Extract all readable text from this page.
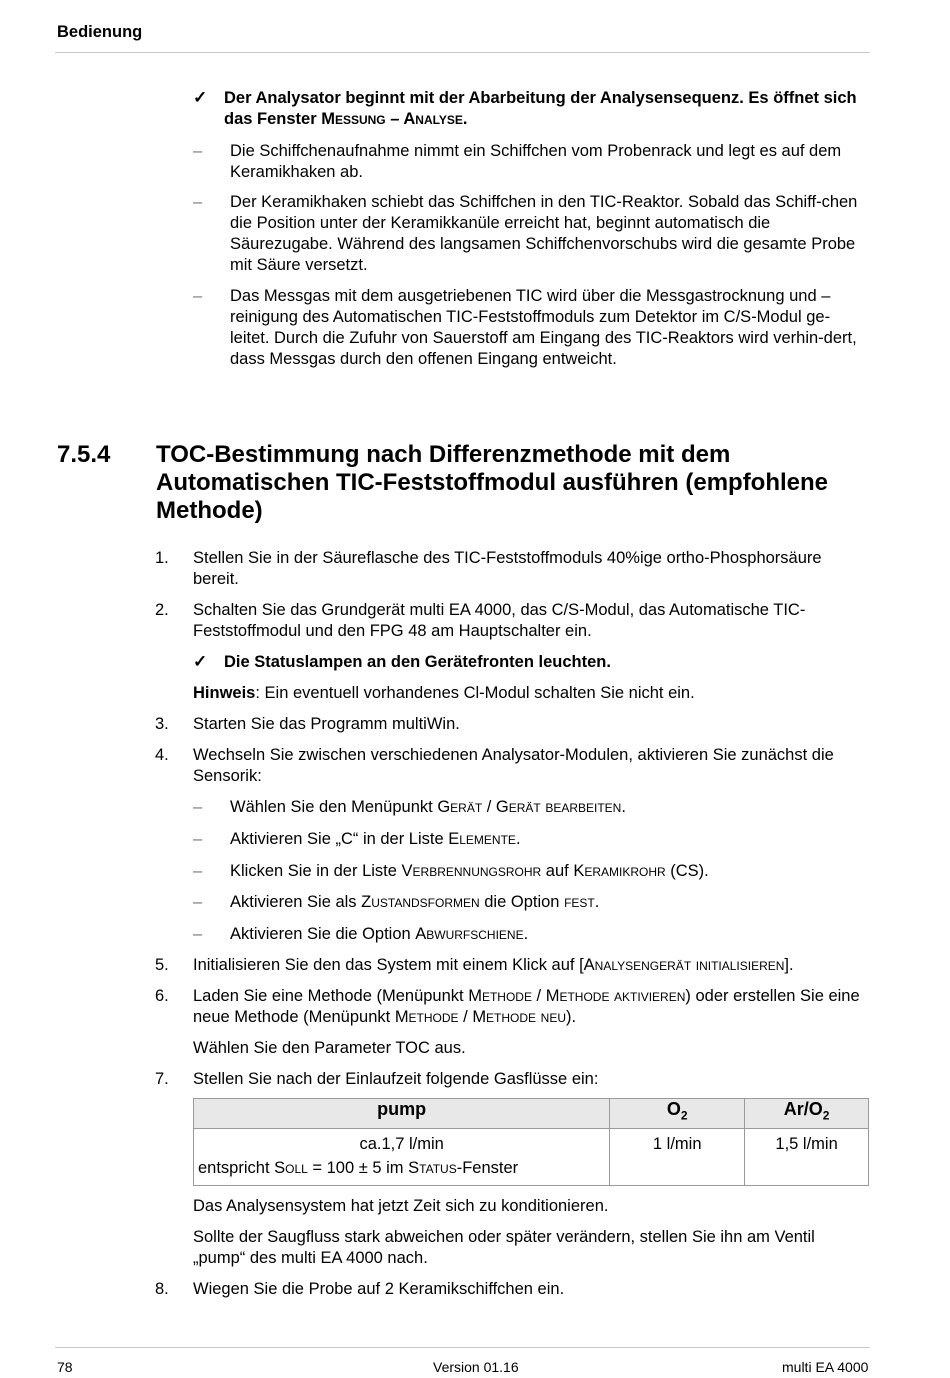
Bedienung
✓ Der Analysator beginnt mit der Abarbeitung der Analysensequenz. Es öffnet sich das Fenster Messung – Analyse.
– Die Schiffchenaufnahme nimmt ein Schiffchen vom Probenrack und legt es auf dem Keramikhaken ab.
– Der Keramikhaken schiebt das Schiffchen in den TIC-Reaktor. Sobald das Schiff-chen die Position unter der Keramikkanüle erreicht hat, beginnt automatisch die Säurezugabe. Während des langsamen Schiffchenvorschubs wird die gesamte Probe mit Säure versetzt.
– Das Messgas mit dem ausgetriebenen TIC wird über die Messgastrocknung und –reinigung des Automatischen TIC-Feststoffmoduls zum Detektor im C/S-Modul ge-leitet. Durch die Zufuhr von Sauerstoff am Eingang des TIC-Reaktors wird verhin-dert, dass Messgas durch den offenen Eingang entweicht.
7.5.4 TOC-Bestimmung nach Differenzmethode mit dem Automatischen TIC-Feststoffmodul ausführen (empfohlene Methode)
1. Stellen Sie in der Säureflasche des TIC-Feststoffmoduls 40%ige ortho-Phosphorsäure bereit.
2. Schalten Sie das Grundgerät multi EA 4000, das C/S-Modul, das Automatische TIC-Feststoffmodul und den FPG 48 am Hauptschalter ein.
✓ Die Statuslampen an den Gerätefronten leuchten.
Hinweis: Ein eventuell vorhandenes Cl-Modul schalten Sie nicht ein.
3. Starten Sie das Programm multiWin.
4. Wechseln Sie zwischen verschiedenen Analysator-Modulen, aktivieren Sie zunächst die Sensorik:
– Wählen Sie den Menüpunkt Gerät / Gerät bearbeiten.
– Aktivieren Sie „C“ in der Liste Elemente.
– Klicken Sie in der Liste Verbrennungsrohr auf Keramikrohr (CS).
– Aktivieren Sie als Zustandsformen die Option fest.
– Aktivieren Sie die Option Abwurfschiene.
5. Initialisieren Sie den das System mit einem Klick auf [Analysengerät initialisieren].
6. Laden Sie eine Methode (Menüpunkt Methode / Methode aktivieren) oder erstellen Sie eine neue Methode (Menüpunkt Methode / Methode neu).
Wählen Sie den Parameter TOC aus.
7. Stellen Sie nach der Einlaufzeit folgende Gasflüsse ein:
pump	$O_2$	$Ar/O_2$

ca.1,7 l/min
entspricht Soll = 100 ± 5 im Status-Fenster	1 l/min	1,5 l/min
Das Analysensystem hat jetzt Zeit sich zu konditionieren.
Sollte der Saugfluss stark abweichen oder später verändern, stellen Sie ihn am Ventil „pump“ des multi EA 4000 nach.
8. Wiegen Sie die Probe auf 2 Keramikschiffchen ein.
78	Version 01.16	multi EA 4000
